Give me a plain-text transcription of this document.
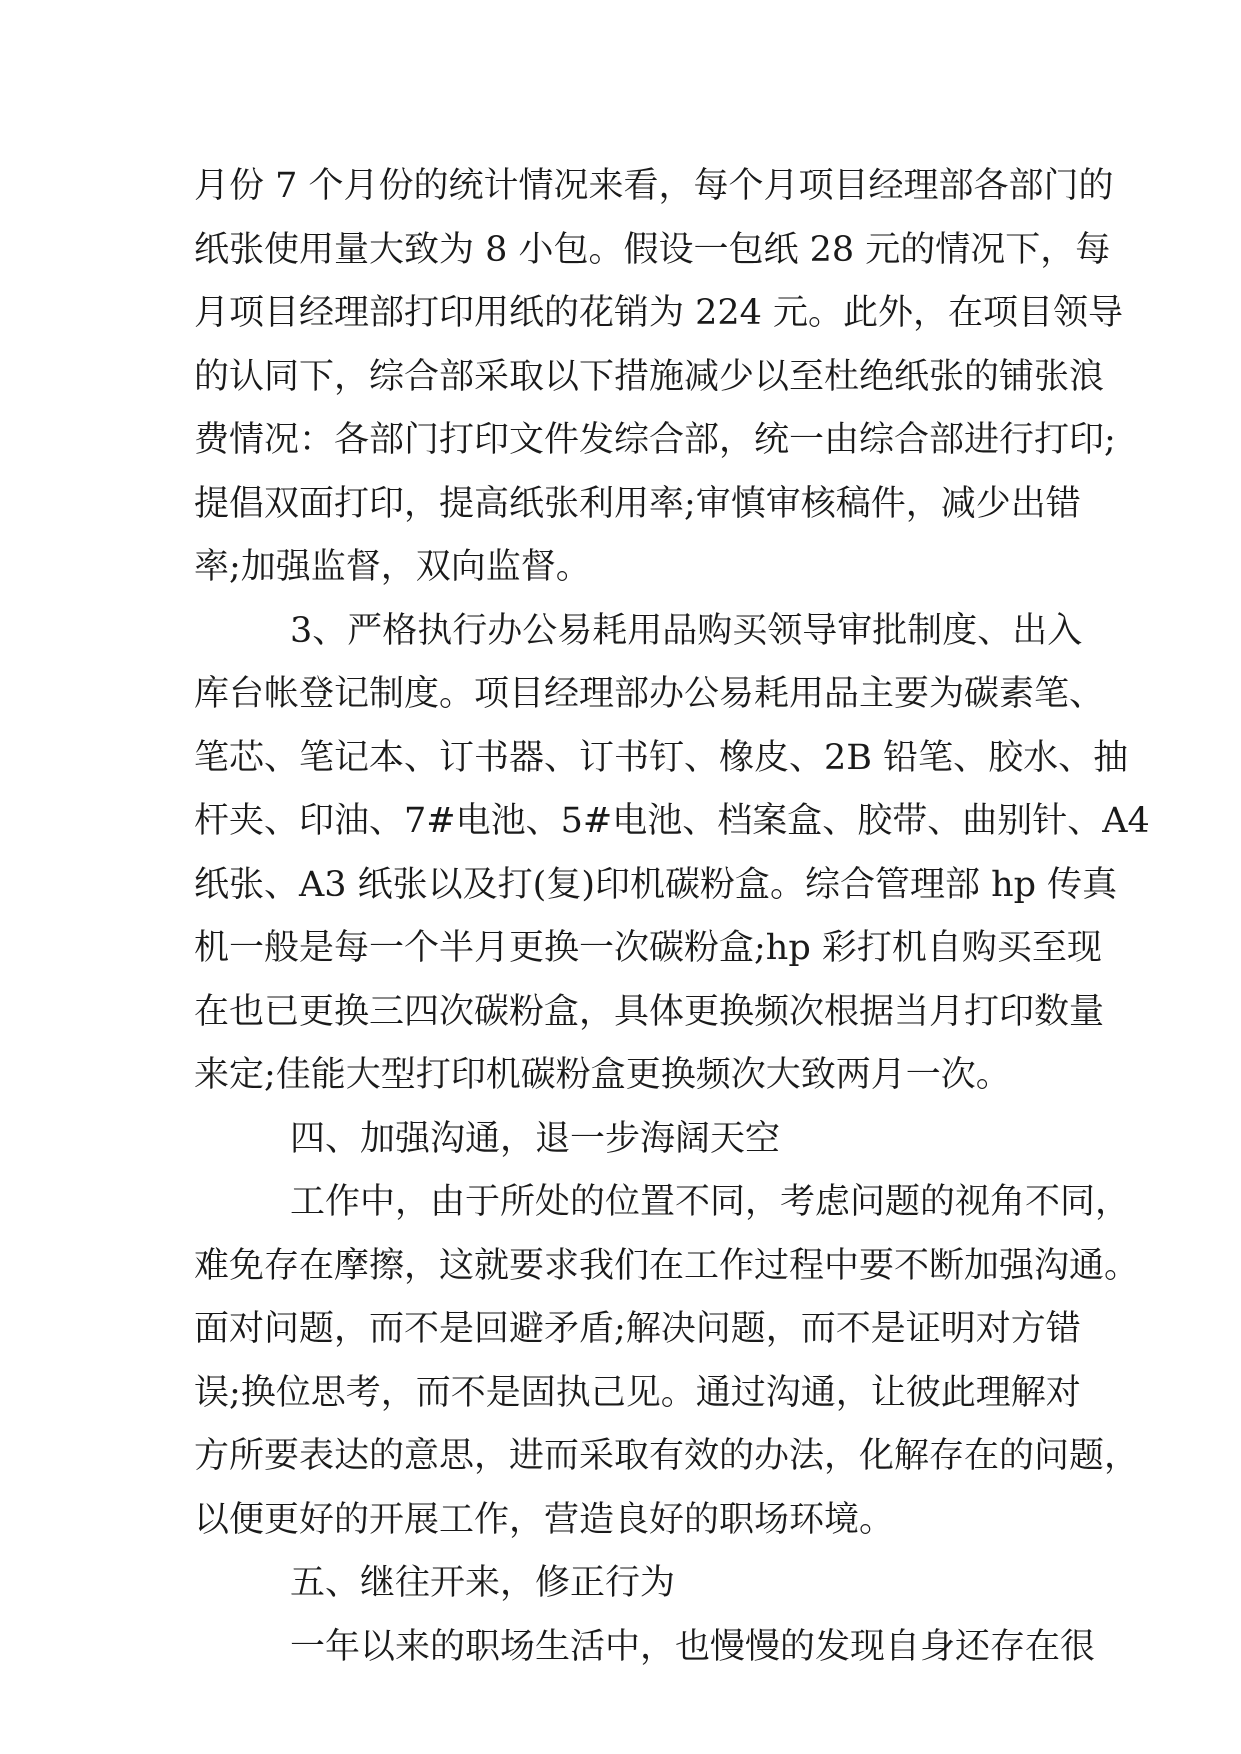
月份 7 个月份的统计情况来看，每个月项目经理部各部门的
纸张使用量大致为 8 小包。假设一包纸 28 元的情况下，每
月项目经理部打印用纸的花销为 224 元。此外，在项目领导
的认同下，综合部采取以下措施减少以至杜绝纸张的铺张浪
费情况：各部门打印文件发综合部，统一由综合部进行打印;
提倡双面打印，提高纸张利用率;审慎审核稿件，减少出错
率;加强监督，双向监督。
3、严格执行办公易耗用品购买领导审批制度、出入
库台帐登记制度。项目经理部办公易耗用品主要为碳素笔、
笔芯、笔记本、订书器、订书钉、橡皮、2B 铅笔、胶水、抽
杆夹、印油、7#电池、5#电池、档案盒、胶带、曲别针、A4
纸张、A3 纸张以及打(复)印机碳粉盒。综合管理部 hp 传真
机一般是每一个半月更换一次碳粉盒;hp 彩打机自购买至现
在也已更换三四次碳粉盒，具体更换频次根据当月打印数量
来定;佳能大型打印机碳粉盒更换频次大致两月一次。
四、加强沟通，退一步海阔天空
工作中，由于所处的位置不同，考虑问题的视角不同，
难免存在摩擦，这就要求我们在工作过程中要不断加强沟通。
面对问题，而不是回避矛盾;解决问题，而不是证明对方错
误;换位思考，而不是固执己见。通过沟通，让彼此理解对
方所要表达的意思，进而采取有效的办法，化解存在的问题，
以便更好的开展工作，营造良好的职场环境。
五、继往开来，修正行为
一年以来的职场生活中，也慢慢的发现自身还存在很
